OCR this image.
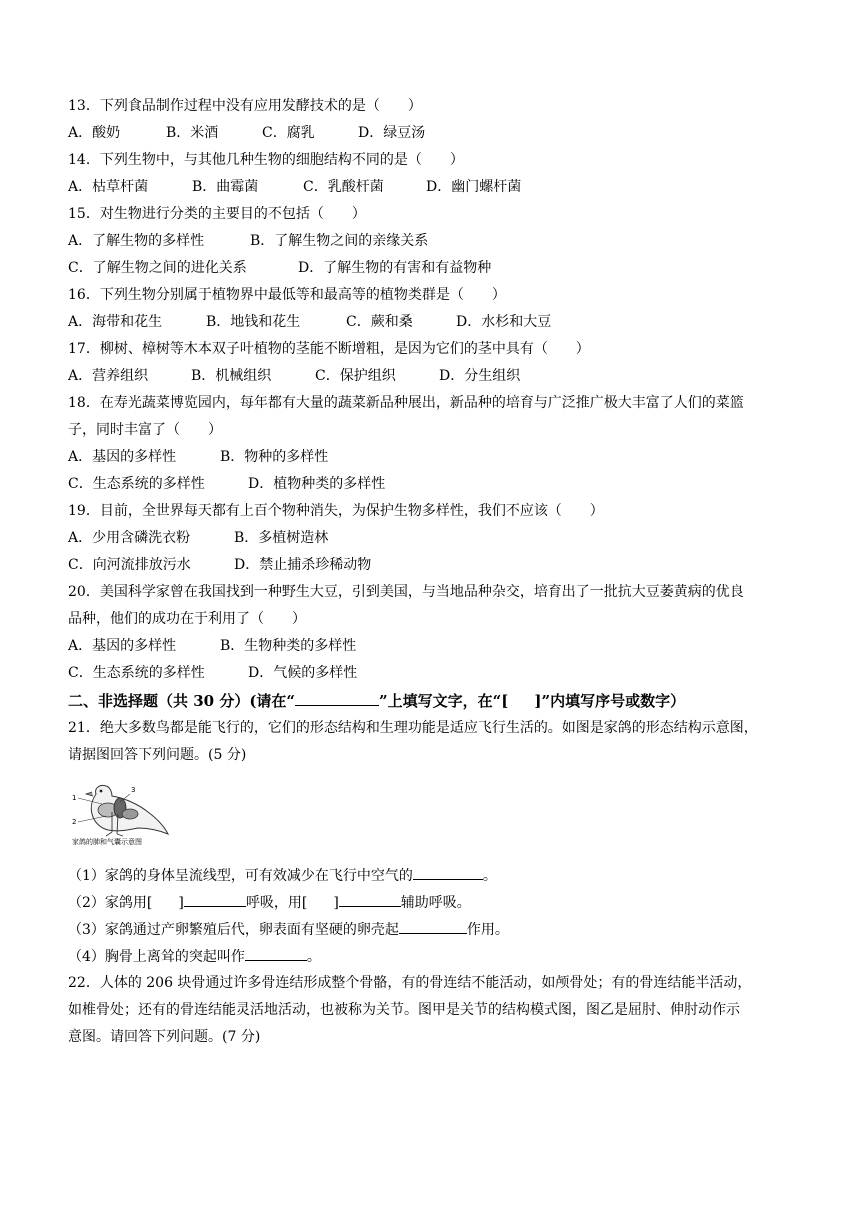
13．下列食品制作过程中没有应用发酵技术的是（　　）
A．酸奶	B．米酒	C．腐乳	D．绿豆汤
14．下列生物中，与其他几种生物的细胞结构不同的是（　　）
A．枯草杆菌	B．曲霉菌	C．乳酸杆菌	D．幽门螺杆菌
15．对生物进行分类的主要目的不包括（　　）
A．了解生物的多样性	B．了解生物之间的亲缘关系
C．了解生物之间的进化关系	D．了解生物的有害和有益物种
16．下列生物分别属于植物界中最低等和最高等的植物类群是（　　）
A．海带和花生	B．地钱和花生	C．蕨和桑	D．水杉和大豆
17．柳树、樟树等木本双子叶植物的茎能不断增粗，是因为它们的茎中具有（　　）
A．营养组织	B．机械组织	C．保护组织	D．分生组织
18．在寿光蔬菜博览园内，每年都有大量的蔬菜新品种展出，新品种的培育与广泛推广极大丰富了人们的菜篮
子，同时丰富了（　　）
A．基因的多样性	B．物种的多样性
C．生态系统的多样性	D．植物种类的多样性
19．目前，全世界每天都有上百个物种消失，为保护生物多样性，我们不应该（　　）
A．少用含磷洗衣粉	B．多植树造林
C．向河流排放污水	D．禁止捕杀珍稀动物
20．美国科学家曾在我国找到一种野生大豆，引到美国，与当地品种杂交，培育出了一批抗大豆萎黄病的优良
品种，他们的成功在于利用了（　　）
A．基因的多样性	B．生物种类的多样性
C．生态系统的多样性	D．气候的多样性
二、非选择题（共 30 分）(请在“	”上填写文字，在“[ ]”内填写序号或数字）
21．绝大多数鸟都是能飞行的，它们的形态结构和生理功能是适应飞行生活的。如图是家鸽的形态结构示意图，
请据图回答下列问题。(5 分)
1
2
3
家鸽的肺和气囊示意图
（1）家鸽的身体呈流线型，可有效减少在飞行中空气的	。
（2）家鸽用[ ]	呼吸，用[ ]	辅助呼吸。
（3）家鸽通过产卵繁殖后代，卵表面有坚硬的卵壳起	作用。
（4）胸骨上离耸的突起叫作	。
22．人体的 206 块骨通过许多骨连结形成整个骨骼，有的骨连结不能活动，如颅骨处；有的骨连结能半活动，
如椎骨处；还有的骨连结能灵活地活动，也被称为关节。图甲是关节的结构模式图，图乙是屈肘、伸肘动作示
意图。请回答下列问题。(7 分)
